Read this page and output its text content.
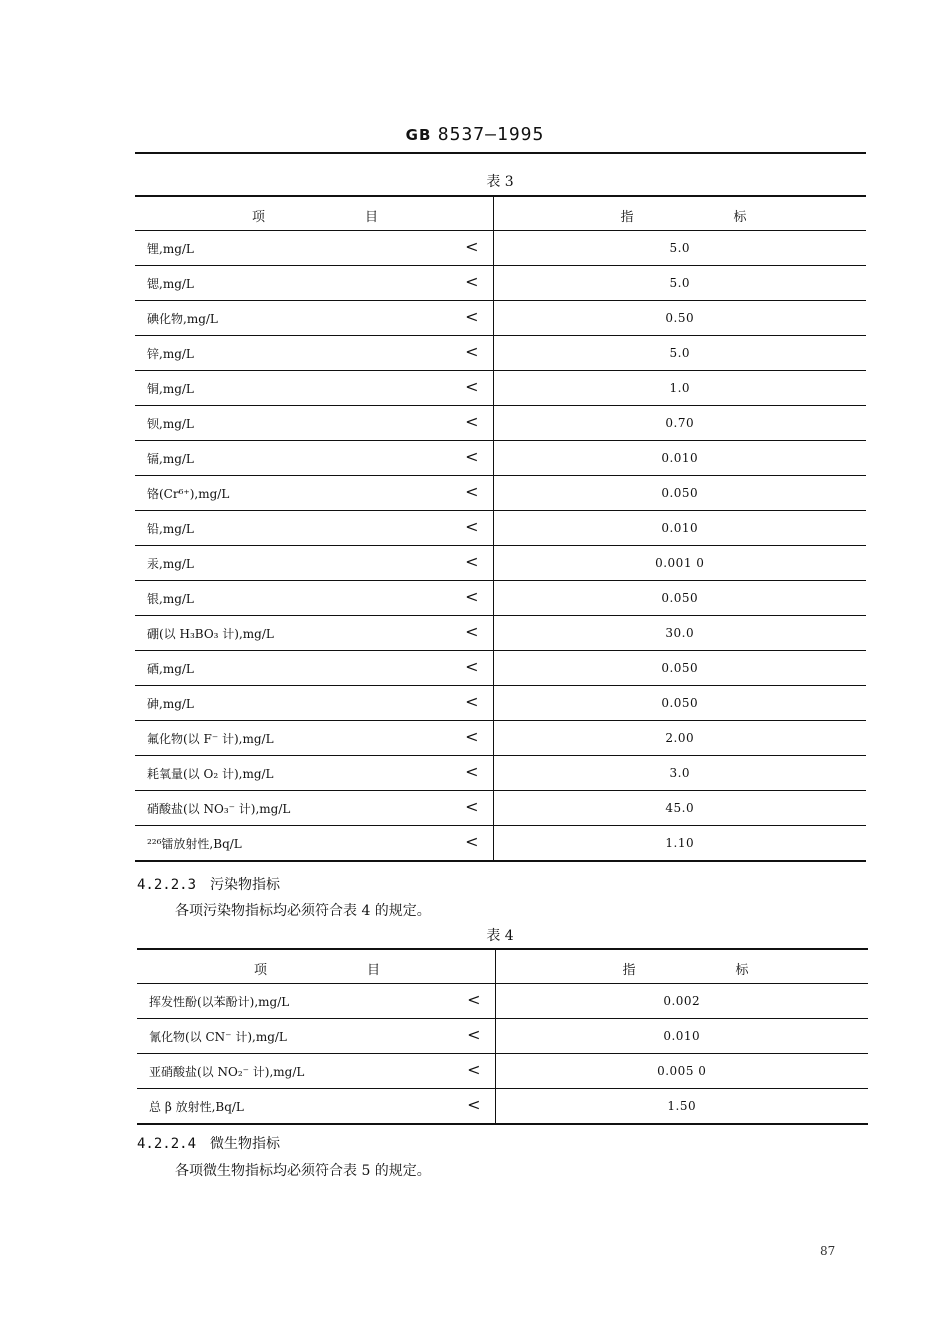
GB 8537—1995
表 3
项 目	指 标

锂,mg/L <	5.0

锶,mg/L <	5.0

碘化物,mg/L <	0.50

锌,mg/L <	5.0

铜,mg/L <	1.0

钡,mg/L <	0.70

镉,mg/L <	0.010

铬(Cr⁶⁺),mg/L <	0.050

铅,mg/L <	0.010

汞,mg/L <	0.001 0

银,mg/L <	0.050

硼(以 H₃BO₃ 计),mg/L <	30.0

硒,mg/L <	0.050

砷,mg/L <	0.050

氟化物(以 F⁻ 计),mg/L <	2.00

耗氧量(以 O₂ 计),mg/L <	3.0

硝酸盐(以 NO₃⁻ 计),mg/L <	45.0

²²⁶镭放射性,Bq/L <	1.10
4.2.2.3 污染物指标
各项污染物指标均必须符合表 4 的规定。
表 4
项 目	指 标

挥发性酚(以苯酚计),mg/L <	0.002

氰化物(以 CN⁻ 计),mg/L <	0.010

亚硝酸盐(以 NO₂⁻ 计),mg/L <	0.005 0

总 β 放射性,Bq/L <	1.50
4.2.2.4 微生物指标
各项微生物指标均必须符合表 5 的规定。
87
